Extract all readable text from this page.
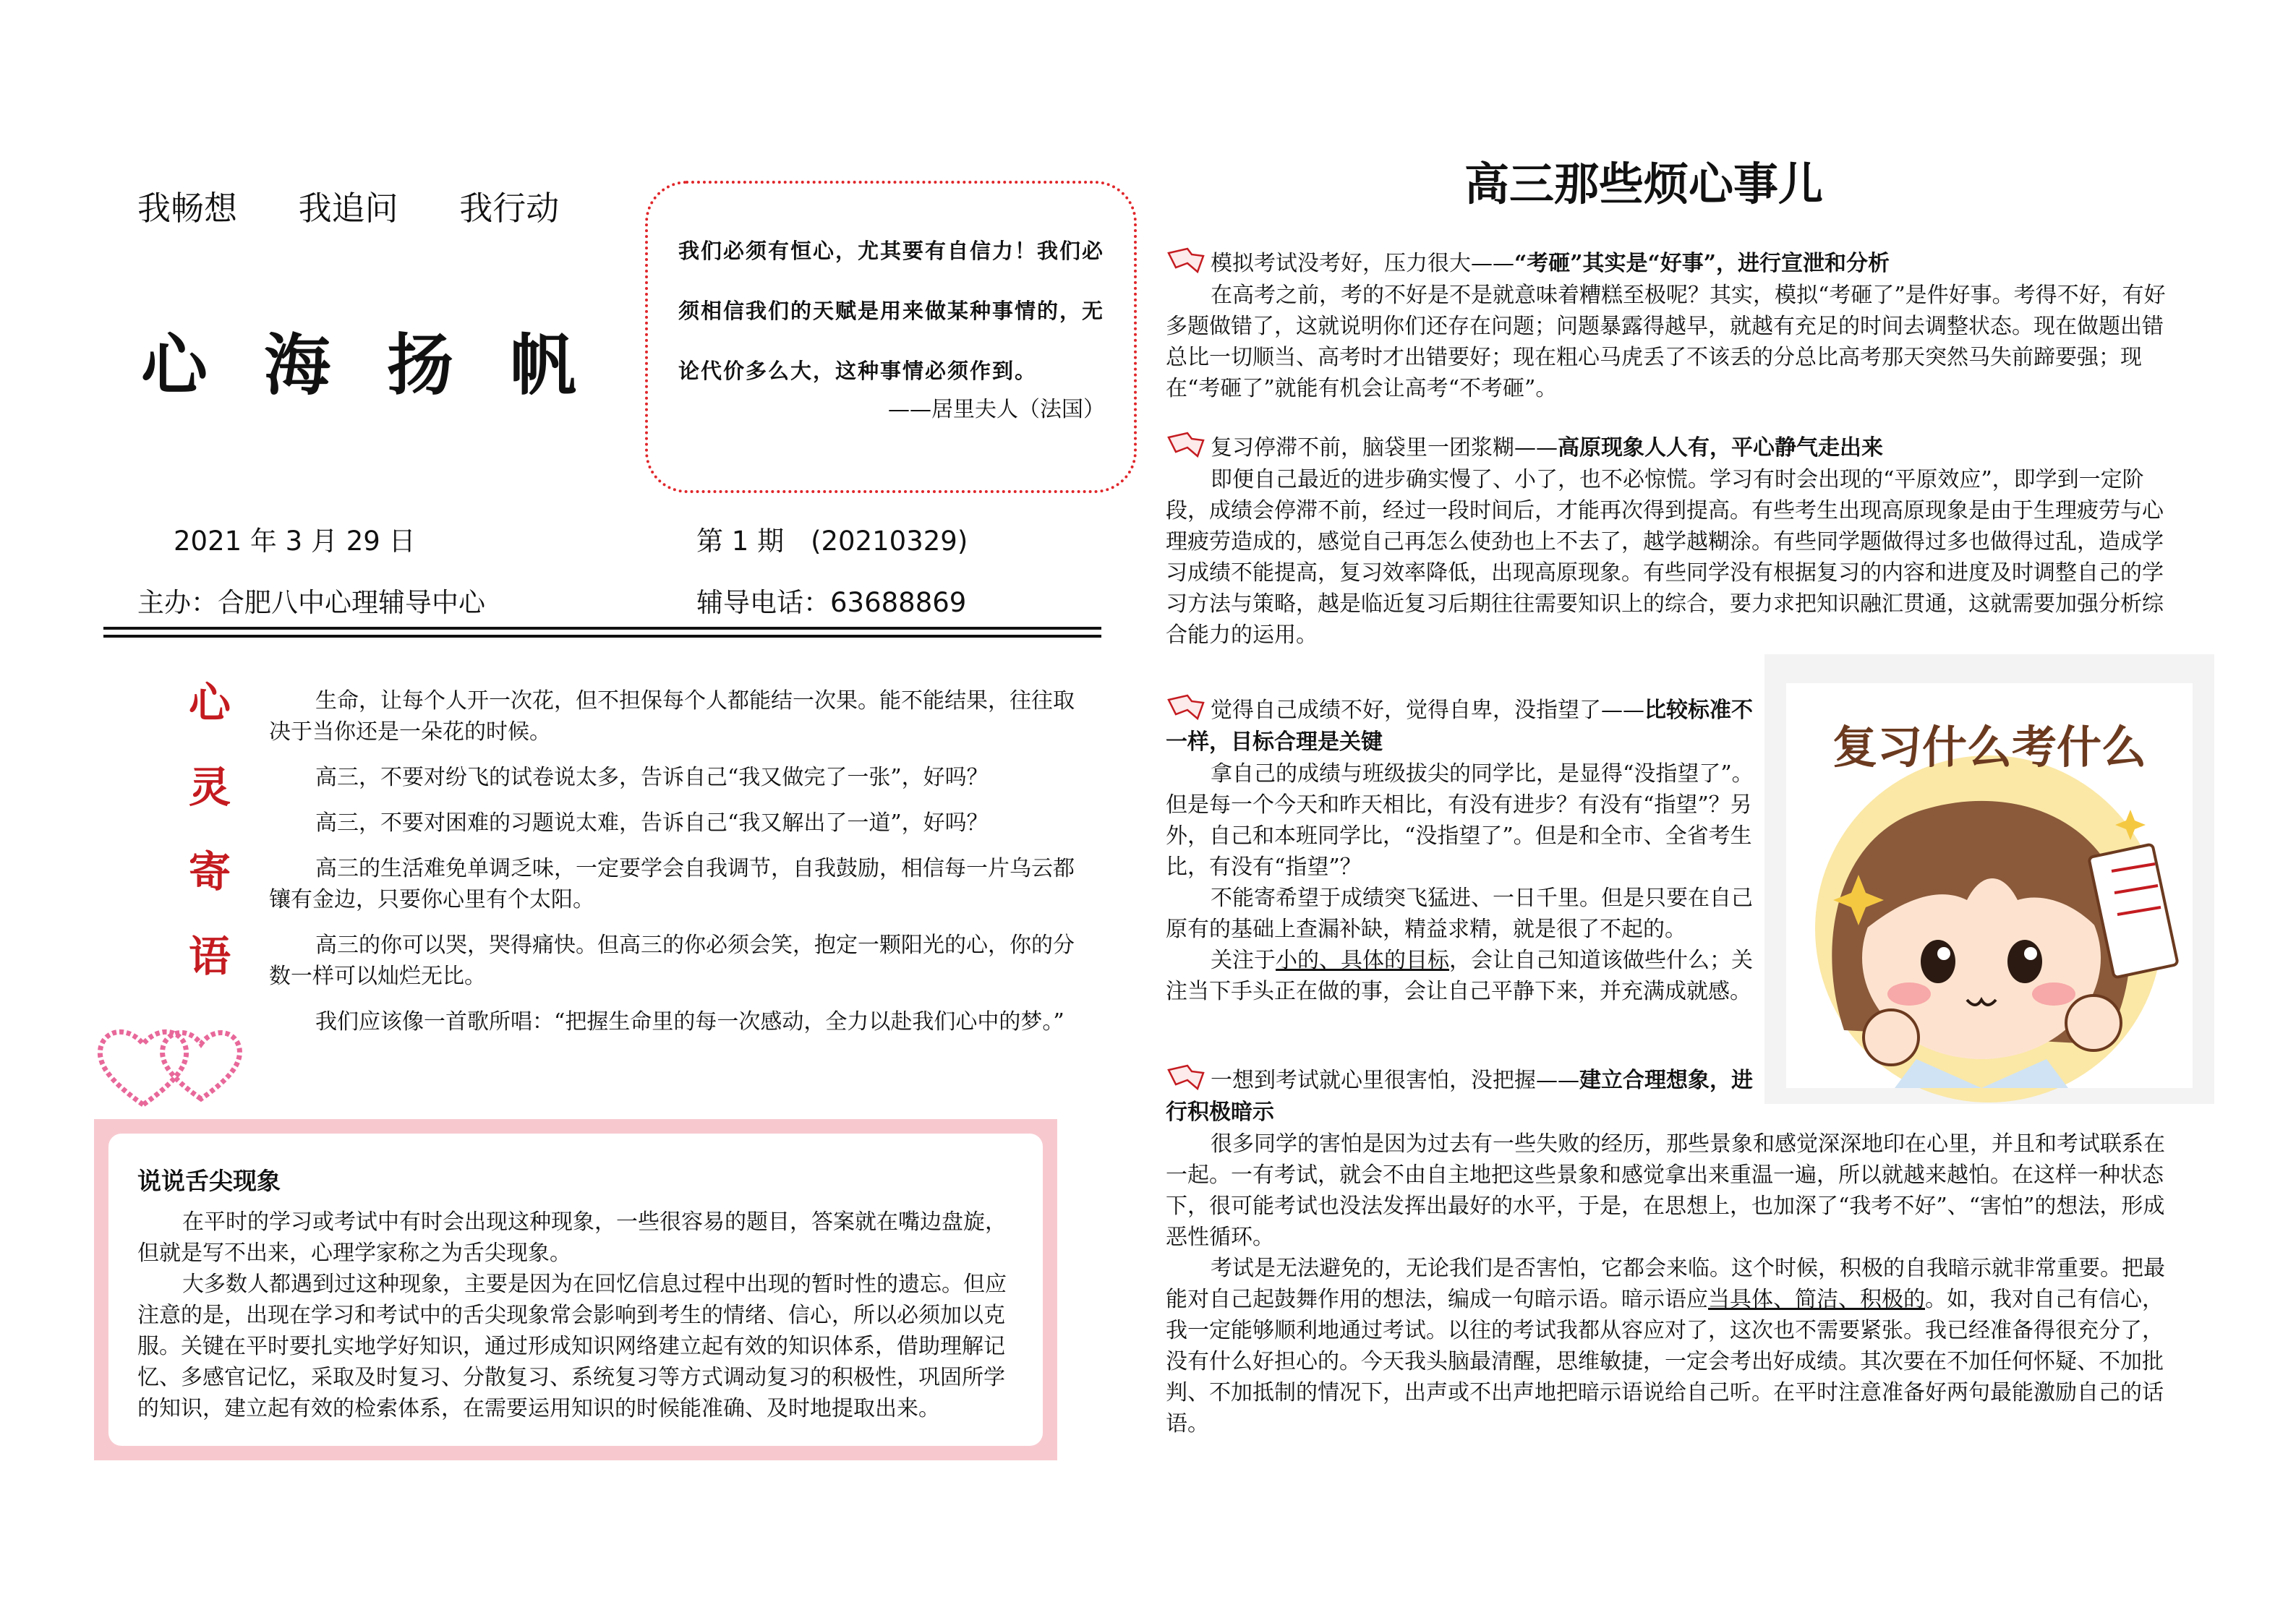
我畅想 我追问 我行动
心海扬帆

我们必须有恒心，尤其要有自信力！我们必须相信我们的天赋是用来做某种事情的，无论代价多么大，这种事情必须作到。

——居里夫人（法国）
2021 年 3 月 29 日	第 1 期　(20210329)
主办：合肥八中心理辅导中心	辅导电话：63688869
心
灵
寄
语

生命，让每个人开一次花，但不担保每个人都能结一次果。能不能结果，往往取决于当你还是一朵花的时候。

高三，不要对纷飞的试卷说太多，告诉自己“我又做完了一张”，好吗？

高三，不要对困难的习题说太难，告诉自己“我又解出了一道”，好吗？

高三的生活难免单调乏味，一定要学会自我调节，自我鼓励，相信每一片乌云都镶有金边，只要你心里有个太阳。

高三的你可以哭，哭得痛快。但高三的你必须会笑，抱定一颗阳光的心，你的分数一样可以灿烂无比。

我们应该像一首歌所唱：“把握生命里的每一次感动，全力以赴我们心中的梦。”

说说舌尖现象

在平时的学习或考试中有时会出现这种现象，一些很容易的题目，答案就在嘴边盘旋，但就是写不出来，心理学家称之为舌尖现象。

大多数人都遇到过这种现象，主要是因为在回忆信息过程中出现的暂时性的遗忘。但应注意的是，出现在学习和考试中的舌尖现象常会影响到考生的情绪、信心，所以必须加以克服。关键在平时要扎实地学好知识，通过形成知识网络建立起有效的知识体系，借助理解记忆、多感官记忆，采取及时复习、分散复习、系统复习等方式调动复习的积极性，巩固所学的知识，建立起有效的检索体系，在需要运用知识的时候能准确、及时地提取出来。

高三那些烦心事儿
模拟考试没考好，压力很大——“考砸”其实是“好事”，进行宣泄和分析

在高考之前，考的不好是不是就意味着糟糕至极呢？其实，模拟“考砸了”是件好事。考得不好，有好多题做错了，这就说明你们还存在问题；问题暴露得越早，就越有充足的时间去调整状态。现在做题出错总比一切顺当、高考时才出错要好；现在粗心马虎丢了不该丢的分总比高考那天突然马失前蹄要强；现在“考砸了”就能有机会让高考“不考砸”。

复习停滞不前，脑袋里一团浆糊——高原现象人人有，平心静气走出来

即便自己最近的进步确实慢了、小了，也不必惊慌。学习有时会出现的“平原效应”，即学到一定阶段，成绩会停滞不前，经过一段时间后，才能再次得到提高。有些考生出现高原现象是由于生理疲劳与心理疲劳造成的，感觉自己再怎么使劲也上不去了，越学越糊涂。有些同学题做得过多也做得过乱，造成学习成绩不能提高，复习效率降低，出现高原现象。有些同学没有根据复习的内容和进度及时调整自己的学习方法与策略，越是临近复习后期往往需要知识上的综合，要力求把知识融汇贯通，这就需要加强分析综合能力的运用。

觉得自己成绩不好，觉得自卑，没指望了——比较标准不一样，目标合理是关键

拿自己的成绩与班级拔尖的同学比，是显得“没指望了”。但是每一个今天和昨天相比，有没有进步？有没有“指望”？另外，自己和本班同学比，“没指望了”。但是和全市、全省考生比，有没有“指望”？

不能寄希望于成绩突飞猛进、一日千里。但是只要在自己原有的基础上查漏补缺，精益求精，就是很了不起的。

关注于小的、具体的目标，会让自己知道该做些什么；关注当下手头正在做的事，会让自己平静下来，并充满成就感。

复习什么考什么
一想到考试就心里很害怕，没把握——建立合理想象，进行积极暗示

很多同学的害怕是因为过去有一些失败的经历，那些景象和感觉深深地印在心里，并且和考试联系在一起。一有考试，就会不由自主地把这些景象和感觉拿出来重温一遍，所以就越来越怕。在这样一种状态下，很可能考试也没法发挥出最好的水平，于是，在思想上，也加深了“我考不好”、“害怕”的想法，形成恶性循环。

考试是无法避免的，无论我们是否害怕，它都会来临。这个时候，积极的自我暗示就非常重要。把最能对自己起鼓舞作用的想法，编成一句暗示语。暗示语应当具体、简洁、积极的。如，我对自己有信心，我一定能够顺利地通过考试。以往的考试我都从容应对了，这次也不需要紧张。我已经准备得很充分了，没有什么好担心的。今天我头脑最清醒，思维敏捷，一定会考出好成绩。其次要在不加任何怀疑、不加批判、不加抵制的情况下，出声或不出声地把暗示语说给自己听。在平时注意准备好两句最能激励自己的话语。
